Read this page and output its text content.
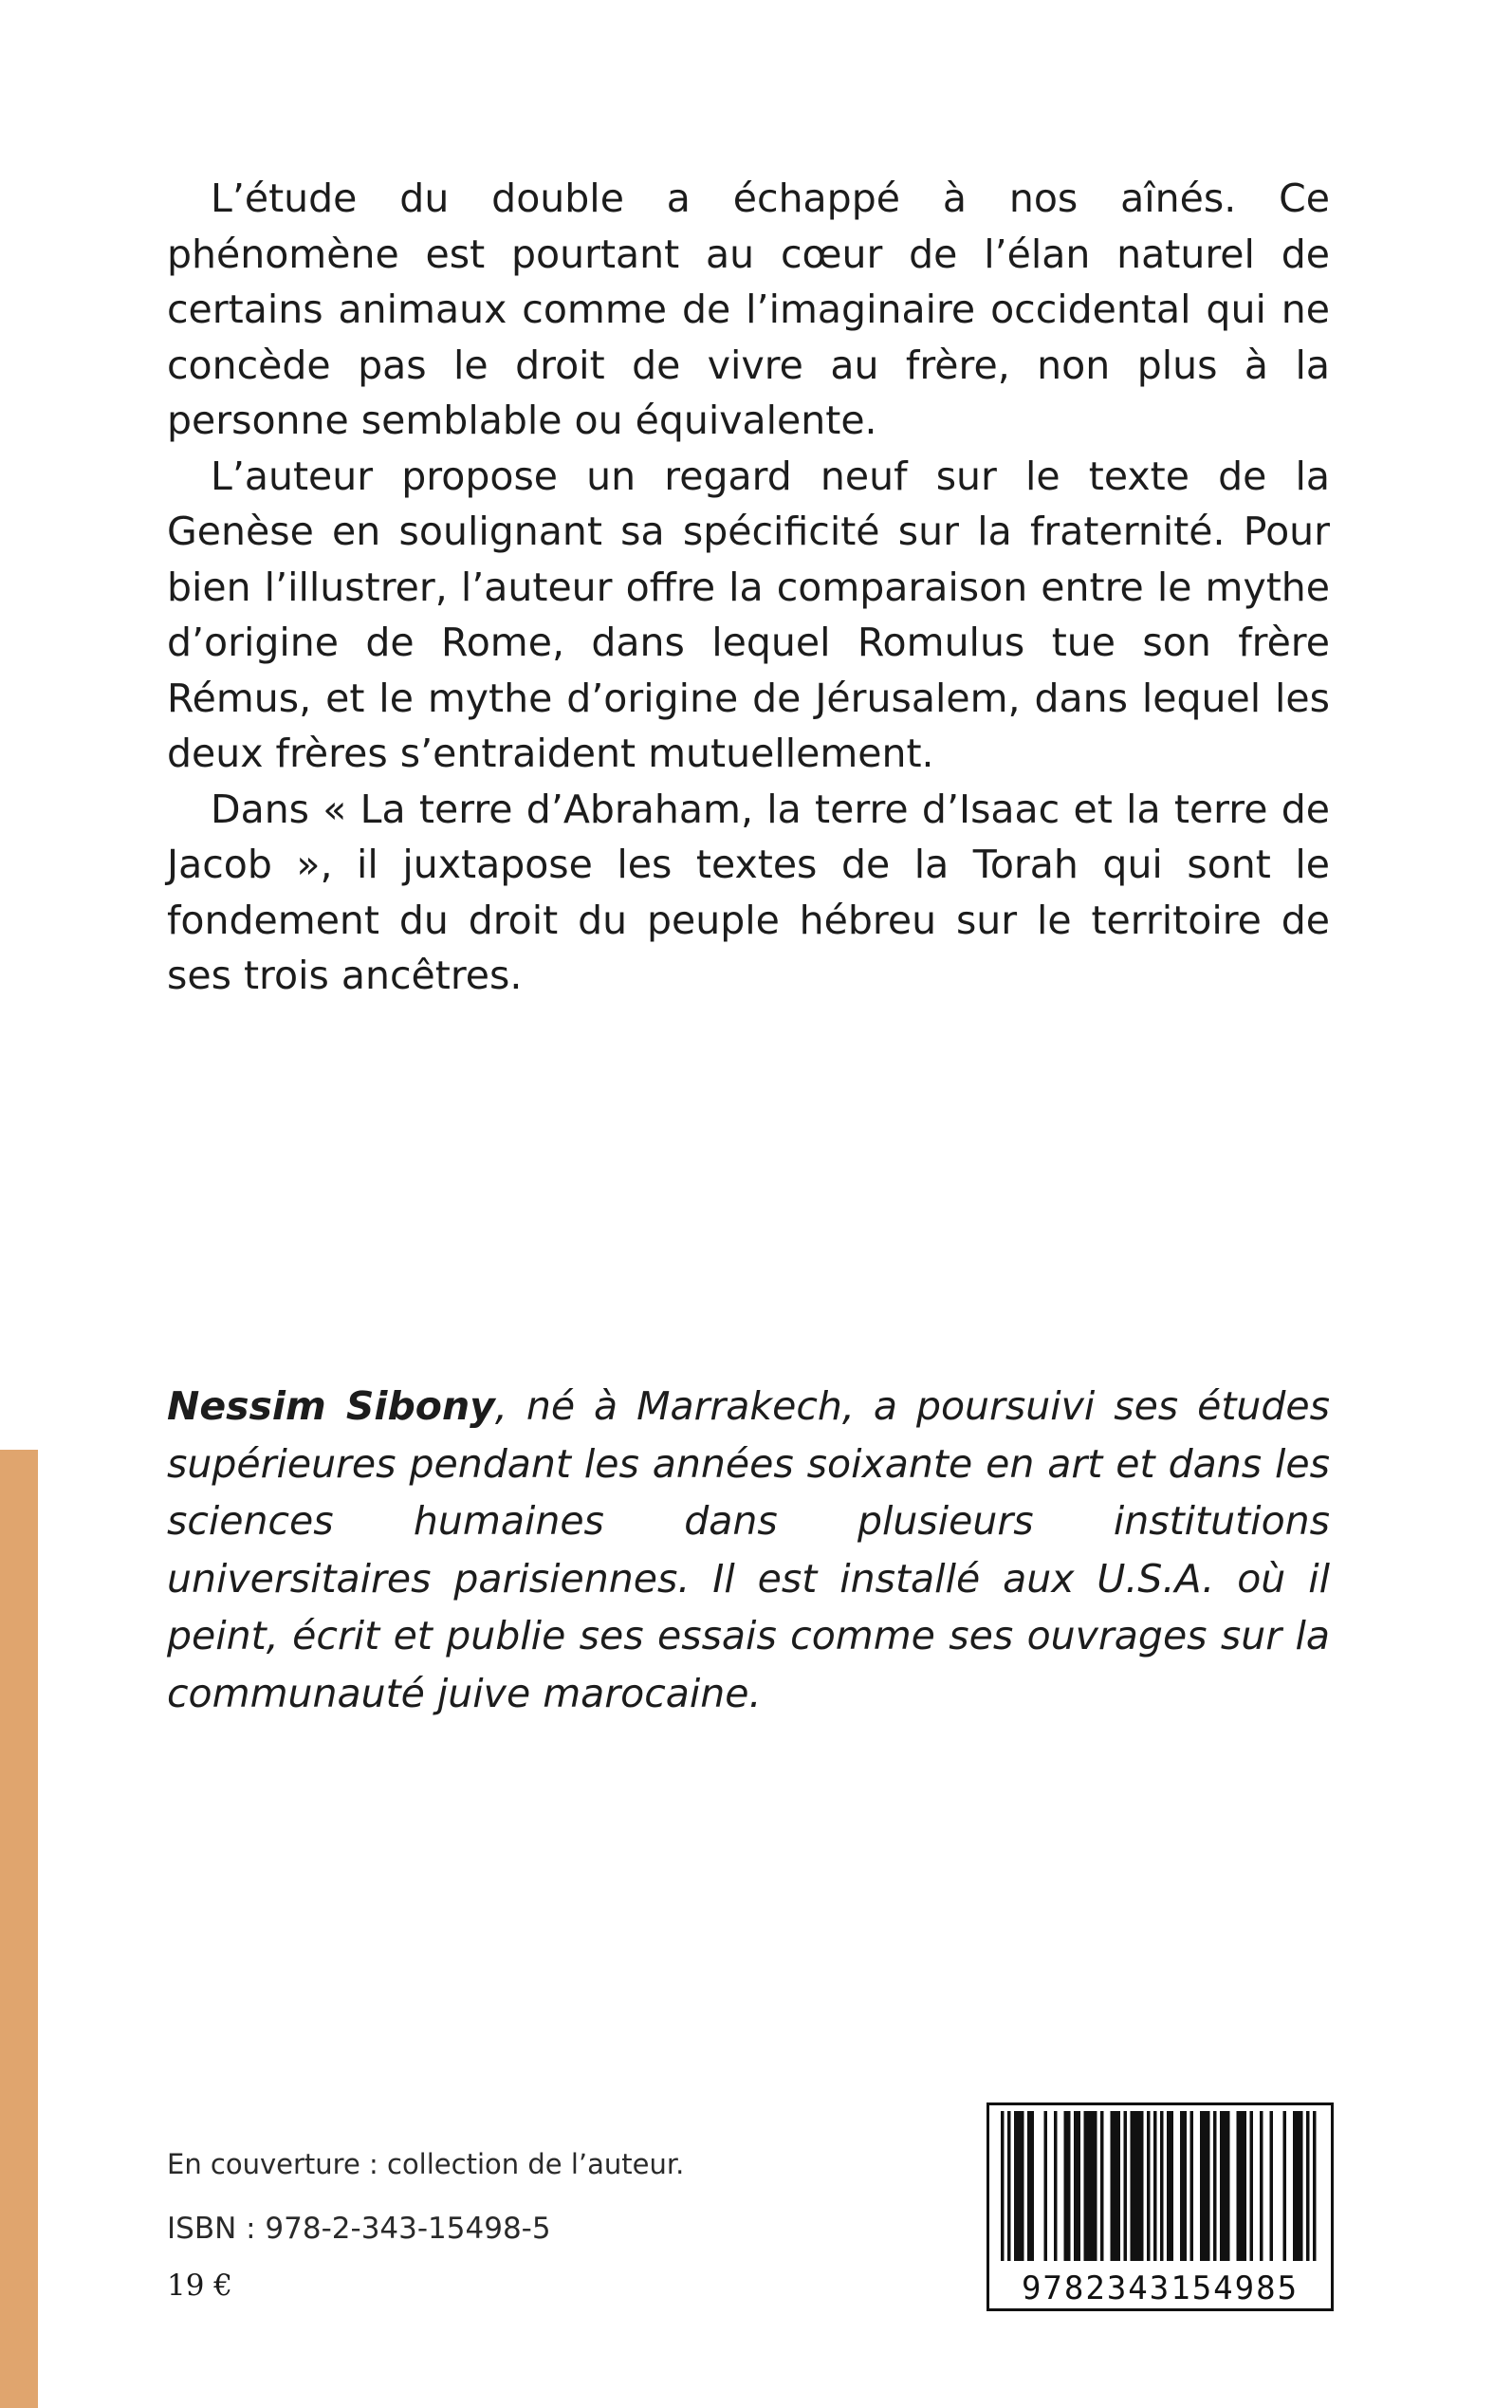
L’étude du double a échappé à nos aînés. Ce phénomène est pourtant au cœur de l’élan naturel de certains animaux comme de l’imaginaire occidental qui ne concède pas le droit de vivre au frère, non plus à la personne semblable ou équivalente.

L’auteur propose un regard neuf sur le texte de la Genèse en soulignant sa spécificité sur la fraternité. Pour bien l’illustrer, l’auteur offre la comparaison entre le mythe d’origine de Rome, dans lequel Romulus tue son frère Rémus, et le mythe d’origine de Jérusalem, dans lequel les deux frères s’entraident mutuellement.

Dans « La terre d’Abraham, la terre d’Isaac et la terre de Jacob », il juxtapose les textes de la Torah qui sont le fondement du droit du peuple hébreu sur le territoire de ses trois ancêtres.

Nessim Sibony, né à Marrakech, a poursuivi ses études supérieures pendant les années soixante en art et dans les sciences humaines dans plusieurs institutions universitaires parisiennes. Il est installé aux U.S.A. où il peint, écrit et publie ses essais comme ses ouvrages sur la communauté juive marocaine.

En couverture : collection de l’auteur.
ISBN : 978-2-343-15498-5
19 €	9782343154985
